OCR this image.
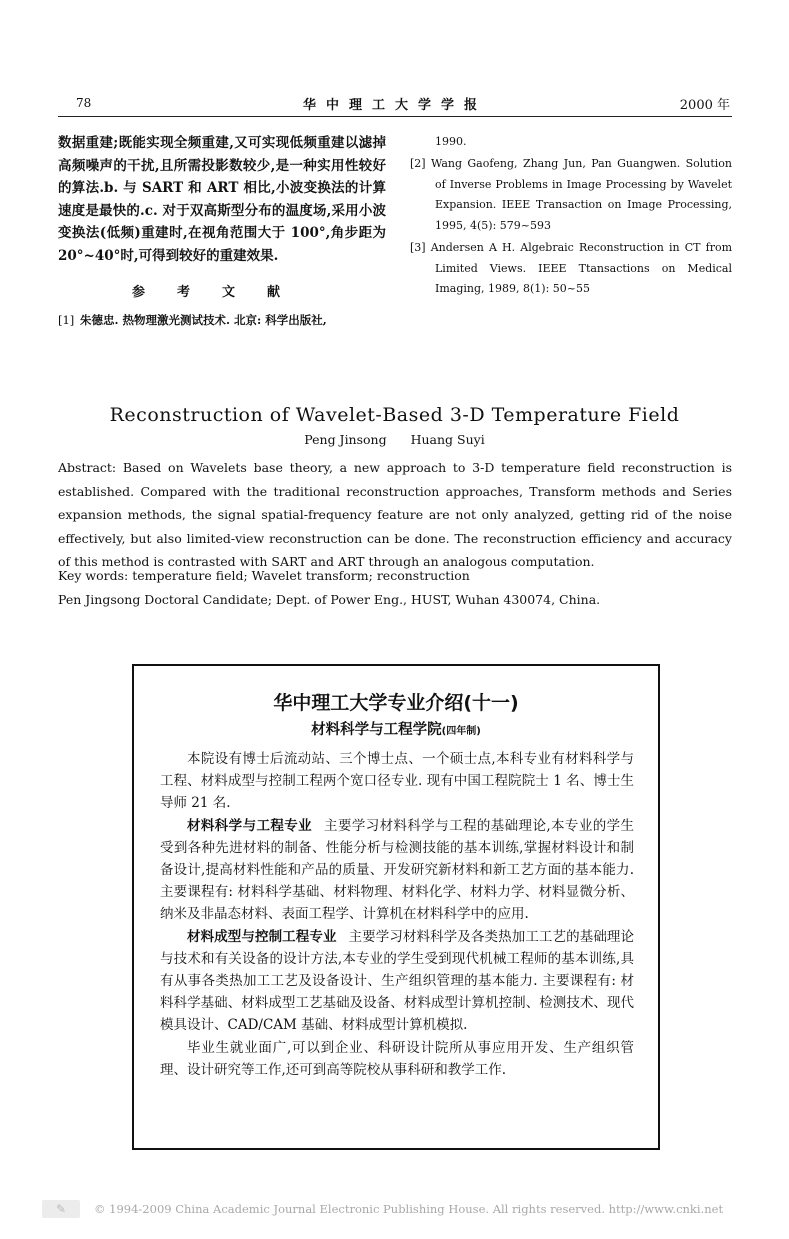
78	华中理工大学学报	2000 年

数据重建;既能实现全频重建,又可实现低频重建以滤掉高频噪声的干扰,且所需投影数较少,是一种实用性较好的算法.b. 与 SART 和 ART 相比,小波变换法的计算速度是最快的.c. 对于双高斯型分布的温度场,采用小波变换法(低频)重建时,在视角范围大于 100°,角步距为 20°~40°时,可得到较好的重建效果.

参考文献

[1] 朱德忠. 热物理激光测试技术. 北京: 科学出版社,

1990.

[2] Wang Gaofeng, Zhang Jun, Pan Guangwen. Solution of Inverse Problems in Image Processing by Wavelet Expansion. IEEE Transaction on Image Processing, 1995, 4(5): 579~593

[3] Andersen A H. Algebraic Reconstruction in CT from Limited Views. IEEE Ttansactions on Medical Imaging, 1989, 8(1): 50~55

Reconstruction of Wavelet-Based 3-D Temperature Field
Peng Jinsong Huang Suyi

Abstract: Based on Wavelets base theory, a new approach to 3-D temperature field reconstruction is established. Compared with the traditional reconstruction approaches, Transform methods and Series expansion methods, the signal spatial-frequency feature are not only analyzed, getting rid of the noise effectively, but also limited-view reconstruction can be done. The reconstruction efficiency and accuracy of this method is contrasted with SART and ART through an analogous computation.

Key words: temperature field; Wavelet transform; reconstruction

Pen Jingsong Doctoral Candidate; Dept. of Power Eng., HUST, Wuhan 430074, China.

华中理工大学专业介绍(十一)
材料科学与工程学院(四年制)

本院设有博士后流动站、三个博士点、一个硕士点,本科专业有材料科学与工程、材料成型与控制工程两个宽口径专业. 现有中国工程院院士 1 名、博士生导师 21 名.

材料科学与工程专业 主要学习材料科学与工程的基础理论,本专业的学生受到各种先进材料的制备、性能分析与检测技能的基本训练,掌握材料设计和制备设计,提高材料性能和产品的质量、开发研究新材料和新工艺方面的基本能力. 主要课程有: 材料科学基础、材料物理、材料化学、材料力学、材料显微分析、纳米及非晶态材料、表面工程学、计算机在材料科学中的应用.

材料成型与控制工程专业 主要学习材料科学及各类热加工工艺的基础理论与技术和有关设备的设计方法,本专业的学生受到现代机械工程师的基本训练,具有从事各类热加工工艺及设备设计、生产组织管理的基本能力. 主要课程有: 材料科学基础、材料成型工艺基础及设备、材料成型计算机控制、检测技术、现代模具设计、CAD/CAM 基础、材料成型计算机模拟.

毕业生就业面广,可以到企业、科研设计院所从事应用开发、生产组织管理、设计研究等工作,还可到高等院校从事科研和教学工作.

✎	© 1994-2009 China Academic Journal Electronic Publishing House. All rights reserved. http://www.cnki.net
